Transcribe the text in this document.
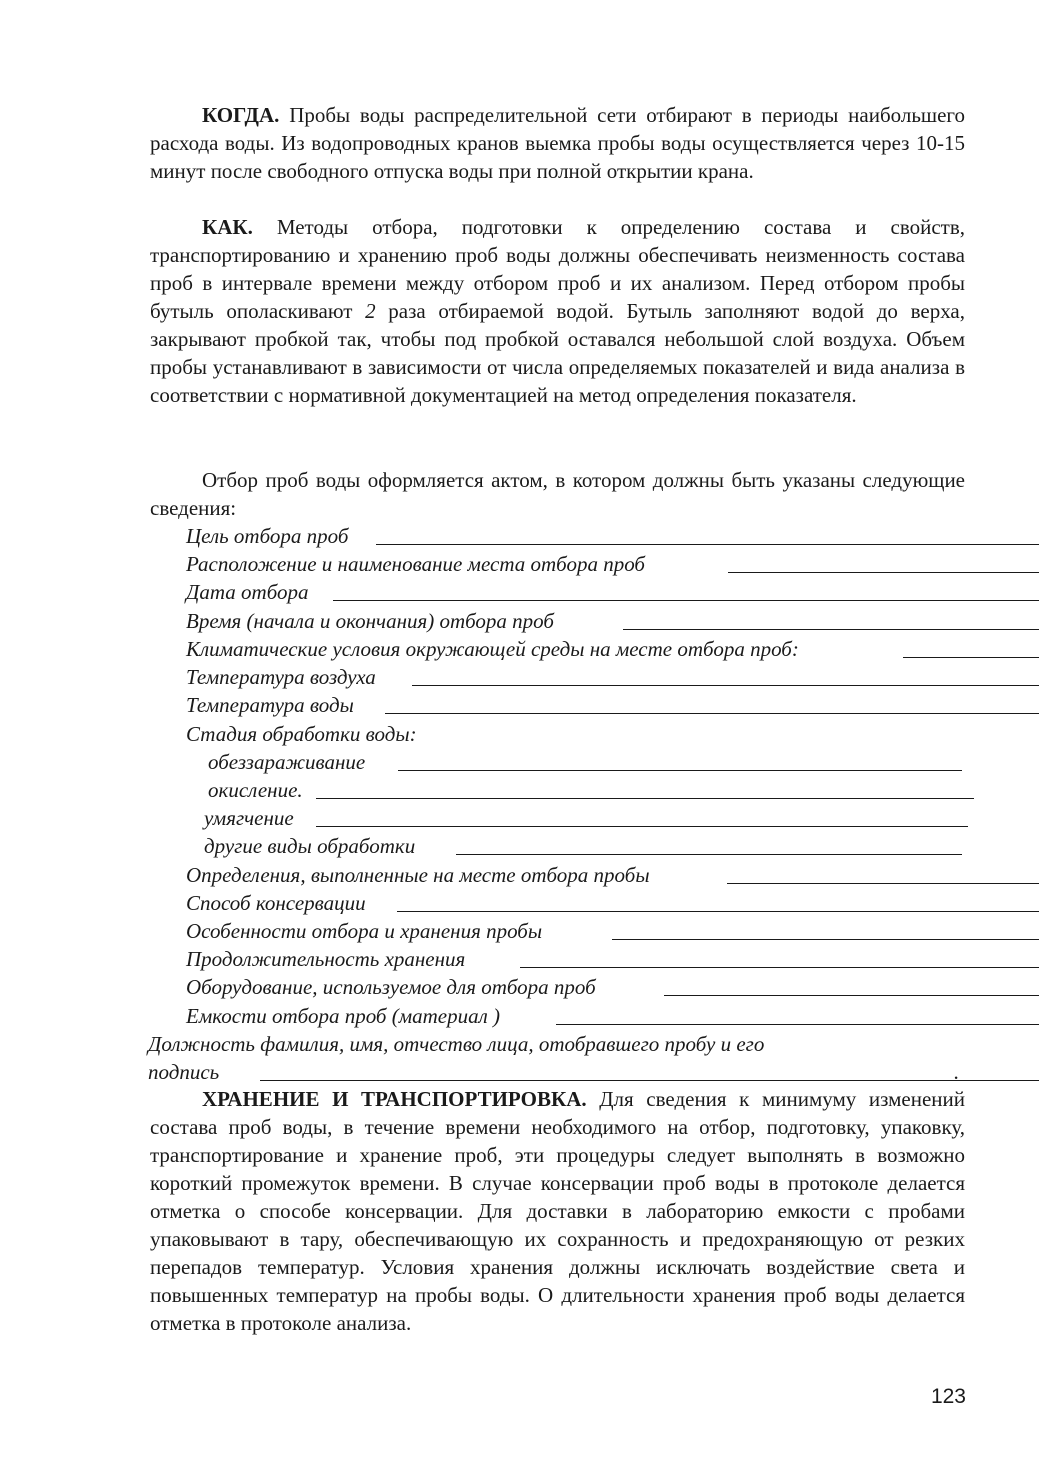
КОГДА. Пробы воды распределительной сети отбирают в периоды наибольшего расхода воды. Из водопроводных кранов выемка пробы воды осуществляется через 10-15 минут после свободного отпуска воды при полной открытии крана.

КАК. Методы отбора, подготовки к определению состава и свойств, транспортированию и хранению проб воды должны обеспечивать неизменность состава проб в интервале времени между отбором проб и их анализом. Перед отбором пробы бутыль ополаскивают 2 раза отбираемой водой. Бутыль заполняют водой до верха, закрывают пробкой так, чтобы под пробкой оставался небольшой слой воздуха. Объем пробы устанавливают в зависимости от числа определяемых показателей и вида анализа в соответствии с нормативной документацией на метод определения показателя.

Отбор проб воды оформляется актом, в котором должны быть указаны следующие сведения:

Цель отбора проб
Расположение и наименование места отбора проб
Дата отбора
Время (начала и окончания) отбора проб
Климатические условия окружающей среды на месте отбора проб:
Температура воздуха
Температура воды
Стадия обработки воды:
обеззараживание
окисление.
умягчение
другие виды обработки
Определения, выполненные на месте отбора пробы
Способ консервации
Особенности отбора и хранения пробы
Продолжительность хранения
Оборудование, используемое для отбора проб
Емкости отбора проб (материал )
Должность фамилия, имя, отчество лица, отобравшего пробу и его
подпись	.

ХРАНЕНИЕ И ТРАНСПОРТИРОВКА. Для сведения к минимуму изменений состава проб воды, в течение времени необходимого на отбор, подготовку, упаковку, транспортирование и хранение проб, эти процедуры следует выполнять в возможно короткий промежуток времени. В случае консервации проб воды в протоколе делается отметка о способе консервации. Для доставки в лабораторию емкости с пробами упаковывают в тару, обеспечивающую их сохранность и предохраняющую от резких перепадов температур. Условия хранения должны исключать воздействие света и повышенных температур на пробы воды. О длительности хранения проб воды делается отметка в протоколе анализа.

123
